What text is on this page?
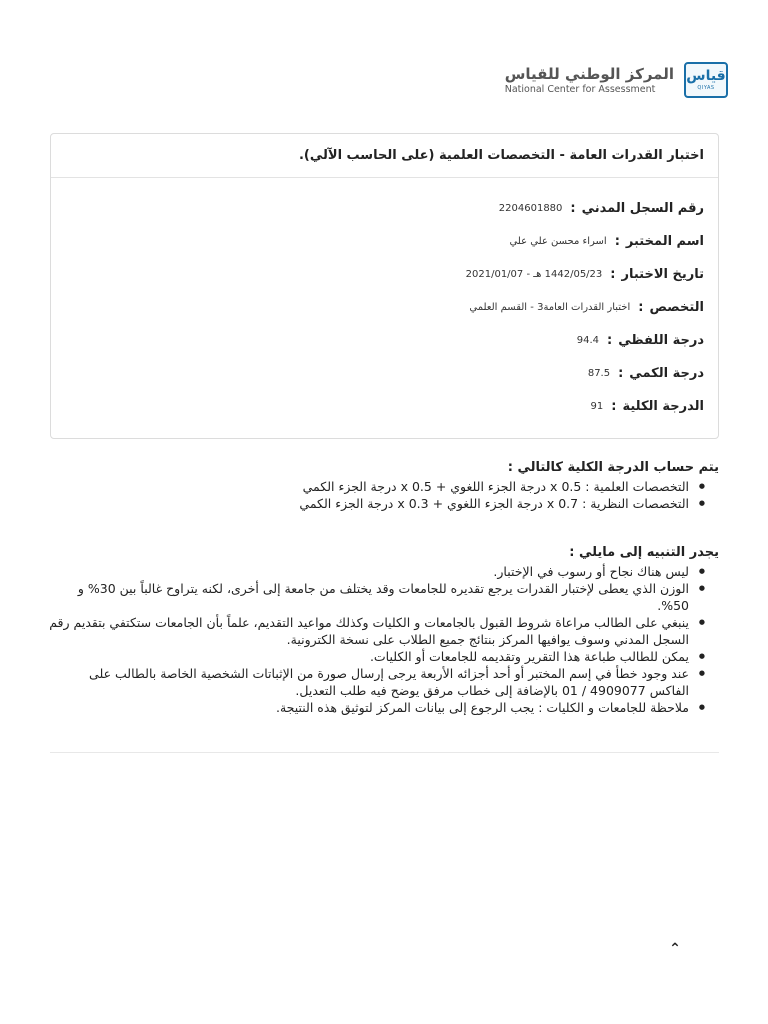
قياس
QIYAS
المركز الوطني للقياس
National Center for Assessment
اختبار القدرات العامة - التخصصات العلمية (على الحاسب الآلي).
رقم السجل المدني
:
2204601880
اسم المختبر
:
اسراء محسن علي علي
تاريخ الاختبار
:
1442/05/23 هـ - 2021/01/07
التخصص
:
اختبار القدرات العامة3 - القسم العلمي
درجة اللفظي
:
94.4
درجة الكمي
:
87.5
الدرجة الكلية
:
91
يتم حساب الدرجة الكلية كالتالي :
● التخصصات العلمية : 0.5 x درجة الجزء اللغوي + 0.5 x درجة الجزء الكمي
● التخصصات النظرية : 0.7 x درجة الجزء اللغوي + 0.3 x درجة الجزء الكمي
يجدر التنبيه إلى مايلي :
● ليس هناك نجاح أو رسوب في الإختبار.
● الوزن الذي يعطى لإختبار القدرات يرجع تقديره للجامعات وقد يختلف من جامعة إلى أخرى، لكنه يتراوح غالباً بين 30% و 50%.
● ينبغي على الطالب مراعاة شروط القبول بالجامعات و الكليات وكذلك مواعيد التقديم، علماً بأن الجامعات ستكتفي بتقديم رقم السجل المدني وسوف يوافيها المركز بنتائج جميع الطلاب على نسخة الكترونية.
● يمكن للطالب طباعة هذا التقرير وتقديمه للجامعات أو الكليات.
● عند وجود خطأ في إسم المختبر أو أحد أجزائه الأربعة يرجى إرسال صورة من الإثباتات الشخصية الخاصة بالطالب على الفاكس 4909077 / 01 بالإضافة إلى خطاب مرفق يوضح فيه طلب التعديل.
● ملاحظة للجامعات و الكليات : يجب الرجوع إلى بيانات المركز لتوثيق هذه النتيجة.
⌃
